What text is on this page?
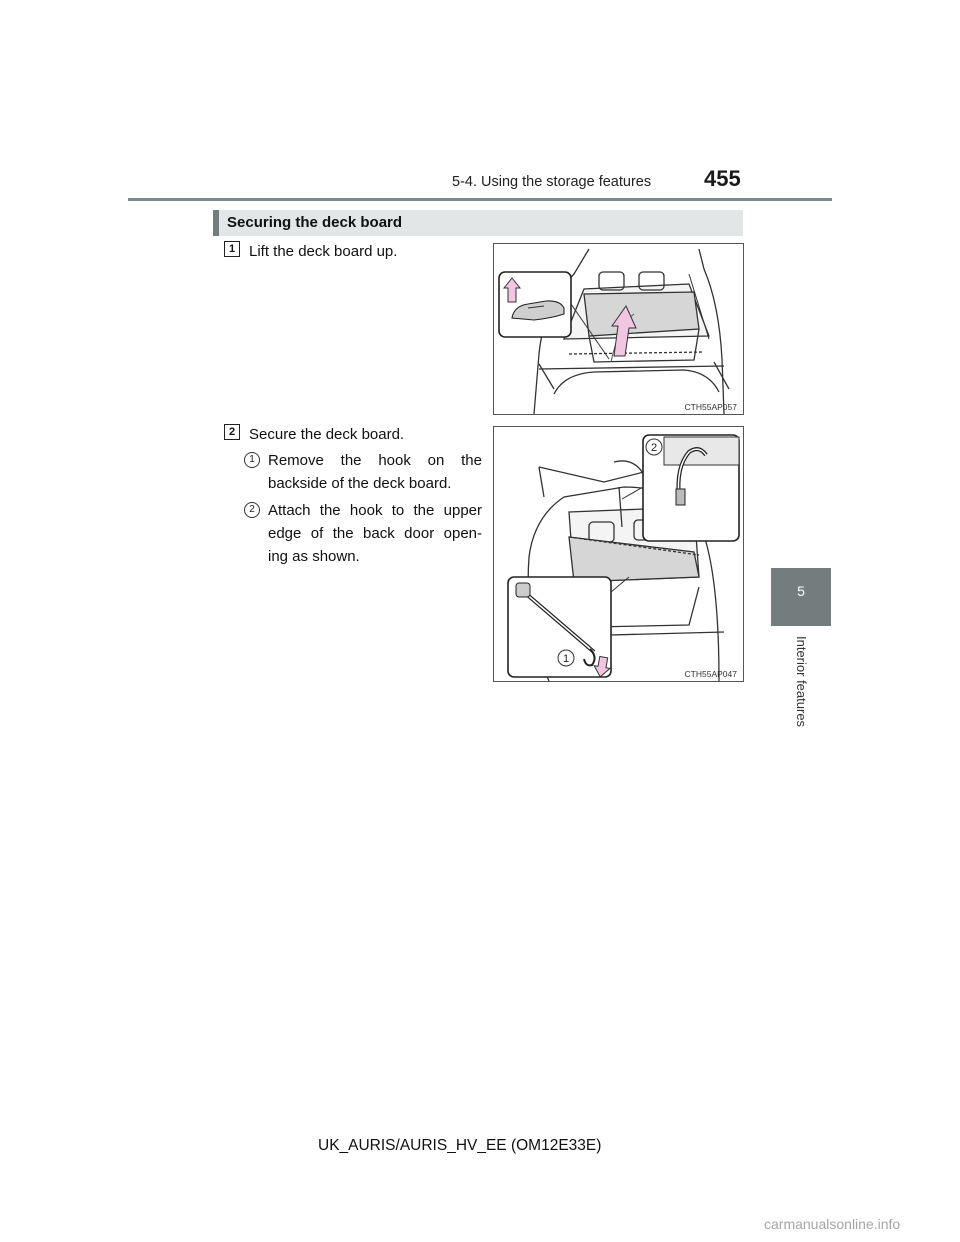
5-4. Using the storage features 455
5
Interior features
Securing the deck board
1 Lift the deck board up.
CTH55AP057
2 Secure the deck board.
1 Remove the hook on the
backside of the deck board.
2 Attach the hook to the upper
edge of the back door open-
ing as shown.
2
1
CTH55AP047
UK_AURIS/AURIS_HV_EE (OM12E33E)
carmanualsonline.info
